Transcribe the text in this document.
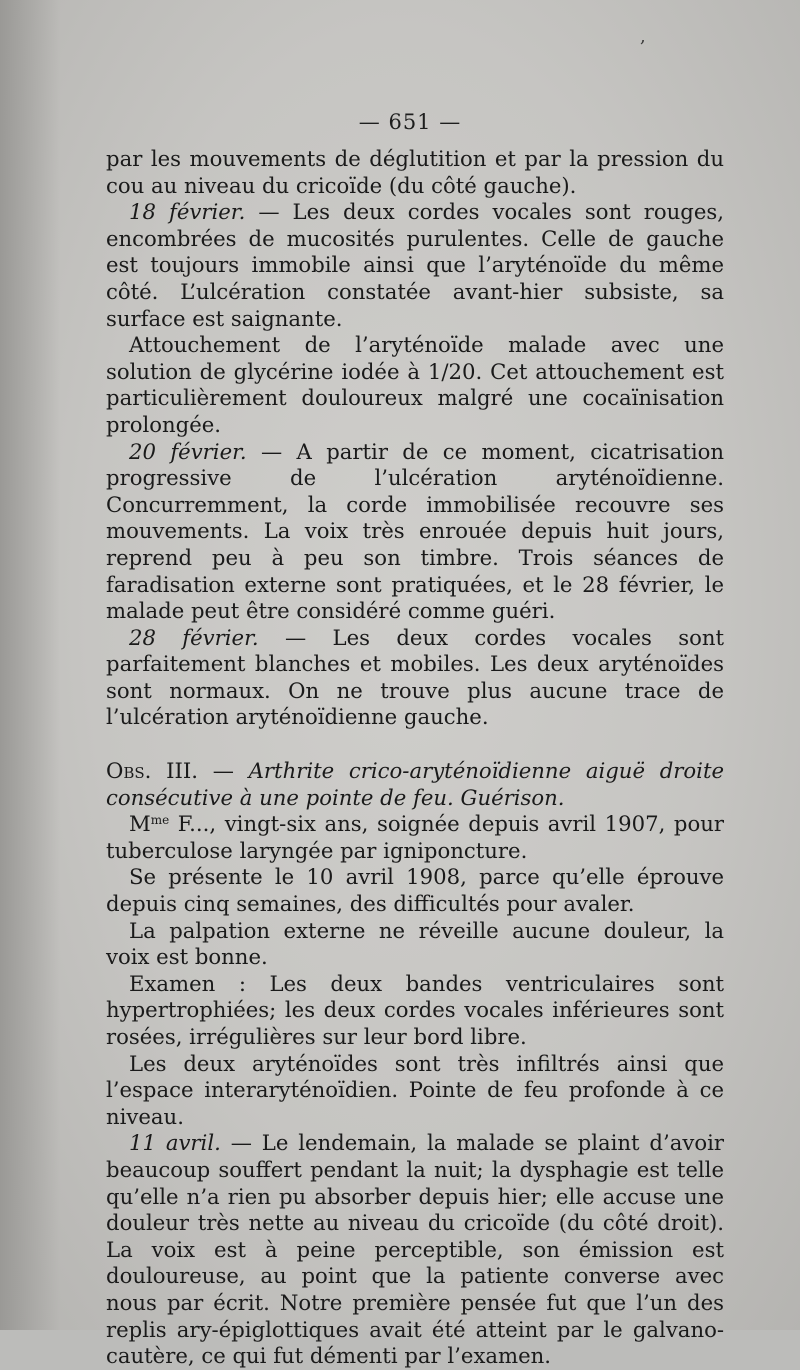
— 651 —

par les mouvements de déglutition et par la pression du cou au niveau du cricoïde (du côté gauche).

18 février. — Les deux cordes vocales sont rouges, encombrées de mucosités purulentes. Celle de gauche est toujours immobile ainsi que l’aryténoïde du même côté. L’ulcération constatée avant-hier subsiste, sa surface est saignante.

Attouchement de l’aryténoïde malade avec une solution de glycérine iodée à 1/20. Cet attouchement est particulièrement douloureux malgré une cocaïnisation prolongée.

20 février. — A partir de ce moment, cicatrisation progressive de l’ulcération aryténoïdienne. Concurremment, la corde immobilisée recouvre ses mouvements. La voix très enrouée depuis huit jours, reprend peu à peu son timbre. Trois séances de faradisation externe sont pratiquées, et le 28 février, le malade peut être considéré comme guéri.

28 février. — Les deux cordes vocales sont parfaitement blanches et mobiles. Les deux aryténoïdes sont normaux. On ne trouve plus aucune trace de l’ulcération aryténoïdienne gauche.

Obs. III. — Arthrite crico-aryténoïdienne aiguë droite consécutive à une pointe de feu. Guérison.

$M^{me}$ F..., vingt-six ans, soignée depuis avril 1907, pour tuberculose laryngée par igniponcture.

Se présente le 10 avril 1908, parce qu’elle éprouve depuis cinq semaines, des difficultés pour avaler.

La palpation externe ne réveille aucune douleur, la voix est bonne.

Examen : Les deux bandes ventriculaires sont hypertrophiées; les deux cordes vocales inférieures sont rosées, irrégulières sur leur bord libre.

Les deux aryténoïdes sont très infiltrés ainsi que l’espace interaryténoïdien. Pointe de feu profonde à ce niveau.

11 avril. — Le lendemain, la malade se plaint d’avoir beaucoup souffert pendant la nuit; la dysphagie est telle qu’elle n’a rien pu absorber depuis hier; elle accuse une douleur très nette au niveau du cricoïde (du côté droit). La voix est à peine perceptible, son émission est douloureuse, au point que la patiente converse avec nous par écrit. Notre première pensée fut que l’un des replis ary-épiglottiques avait été atteint par le galvano-cautère, ce qui fut démenti par l’examen.

,
